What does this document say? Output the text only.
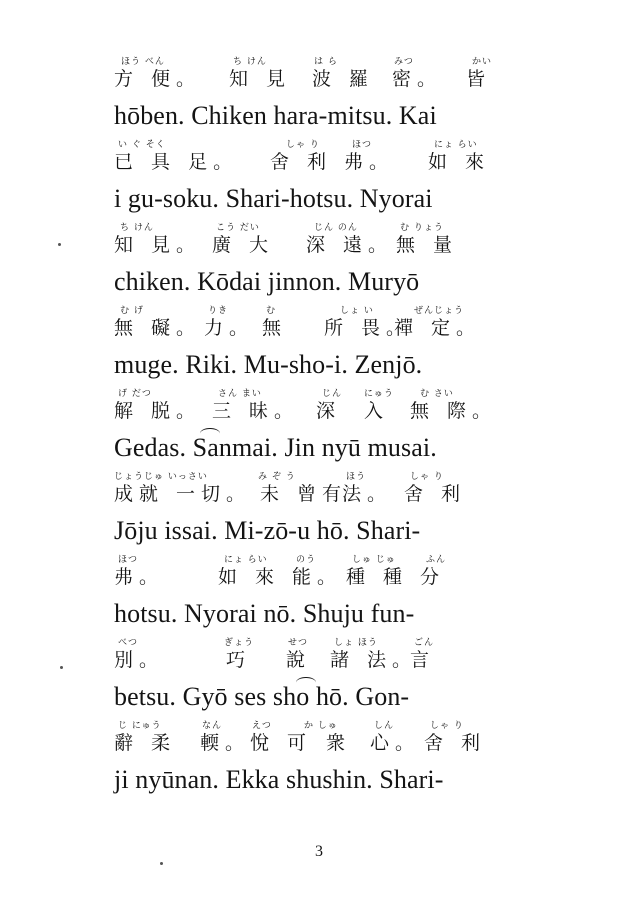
ほう べん	ち けん	は ら	みつ	かい
方 便。 知 見 波 羅 密。 皆
hōben. Chiken hara-mitsu. Kai
い ぐ そく	しゃ り	ほつ	にょ らい
已 具 足。 舍 利 弗。 如 來
i gu-soku. Shari-hotsu. Nyorai
ち けん	こう だい	じん のん	む りょう
知 見。 廣 大 深 遠。 無 量
chiken. Kōdai jinnon. Muryō
む げ	りき	む	しょ い	ぜんじょう
無 礙。 力。 無 所 畏。
禪 定。
muge. Riki. Mu-sho-i. Zenjō.
げ だつ	さん まい	じん にゅう	む さい
解 脱。 三 昧。 深 入 無 際。
Gedas. Sanmai. Jin nyū musai.
じょうじゅ いっさい	み ぞ う	ほう	しゃ り
成就 一切。 未 曾有
法。 舍 利
Jōju issai. Mi-zō-u hō. Shari-
ほつ	にょ らい	のう	しゅ じゅ	ふん
弗。	如 來 能。 種 種 分
hotsu. Nyorai nō. Shuju fun-
べつ	ぎょう	せつ	しょ ほう	ごん
別。	巧 說 諸 法。
言
betsu. Gyō ses sho hō. Gon-
じ にゅう	なん	えつ	か しゅ	しん	しゃ り
辭 柔 輭。 悅 可 衆 心。 舍 利
ji nyūnan. Ekka shushin. Shari-
3
